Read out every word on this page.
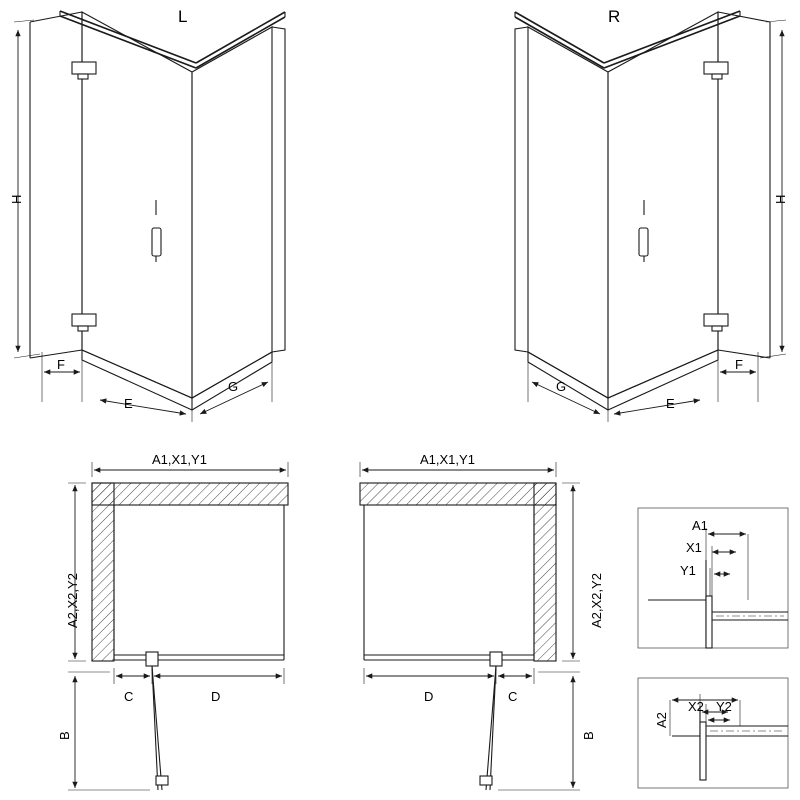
L	R
H	H
F
E
G
F
E
G
A1,X1,Y1
A2,X2,Y2
C	D
B
A1,X1,Y1
A2,X2,Y2
D	C
B
A1
X1
Y1
A2
X2 Y2
